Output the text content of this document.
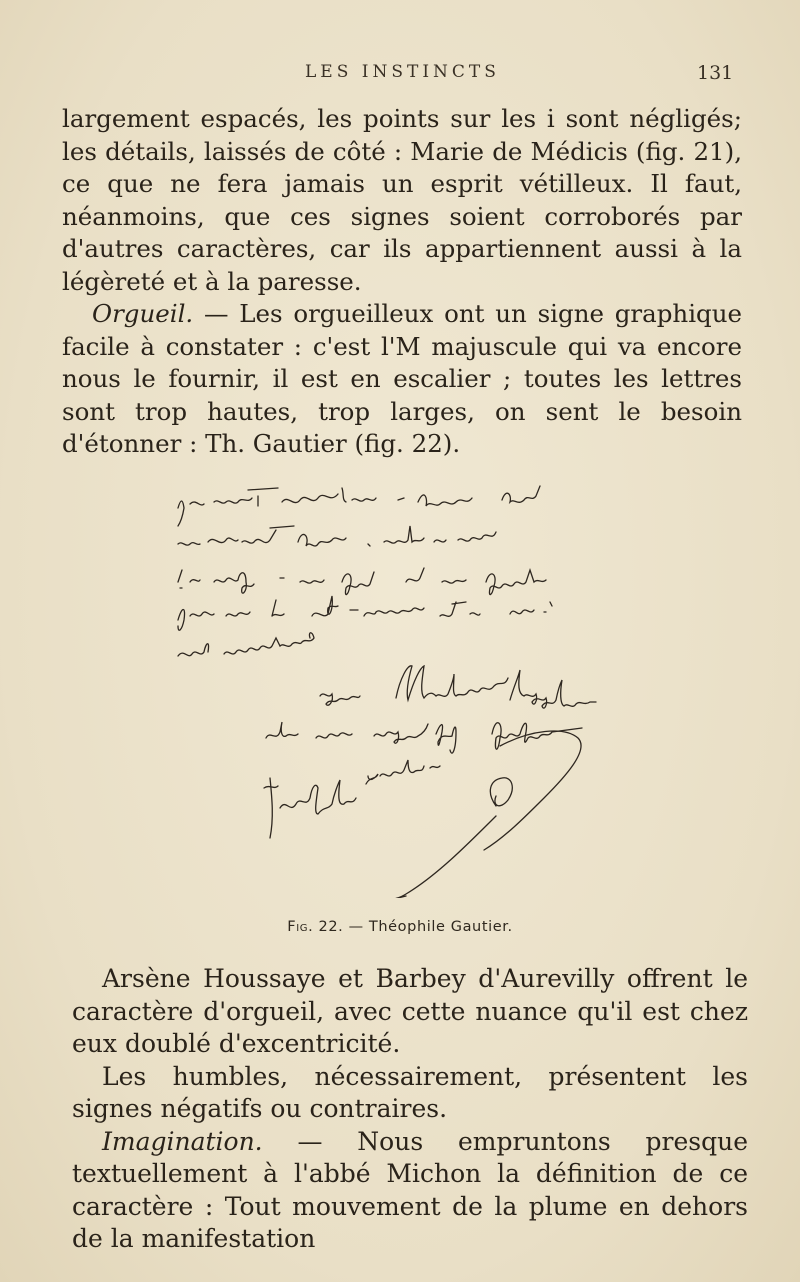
LES INSTINCTS	131

largement espacés, les points sur les i sont négligés; les détails, laissés de côté : Marie de Médicis (fig. 21), ce que ne fera jamais un esprit vétilleux. Il faut, néanmoins, que ces signes soient corroborés par d'autres caractères, car ils appartiennent aussi à la légèreté et à la paresse.

Orgueil. — Les orgueilleux ont un signe graphique facile à constater : c'est l'M majuscule qui va encore nous le fournir, il est en escalier ; toutes les lettres sont trop hautes, trop larges, on sent le besoin d'étonner : Th. Gautier (fig. 22).

Fig. 22. — Théophile Gautier.

Arsène Houssaye et Barbey d'Aurevilly offrent le caractère d'orgueil, avec cette nuance qu'il est chez eux doublé d'excentricité.

Les humbles, nécessairement, présentent les signes négatifs ou contraires.

Imagination. — Nous empruntons presque textuellement à l'abbé Michon la définition de ce caractère : Tout mouvement de la plume en dehors de la manifestation
